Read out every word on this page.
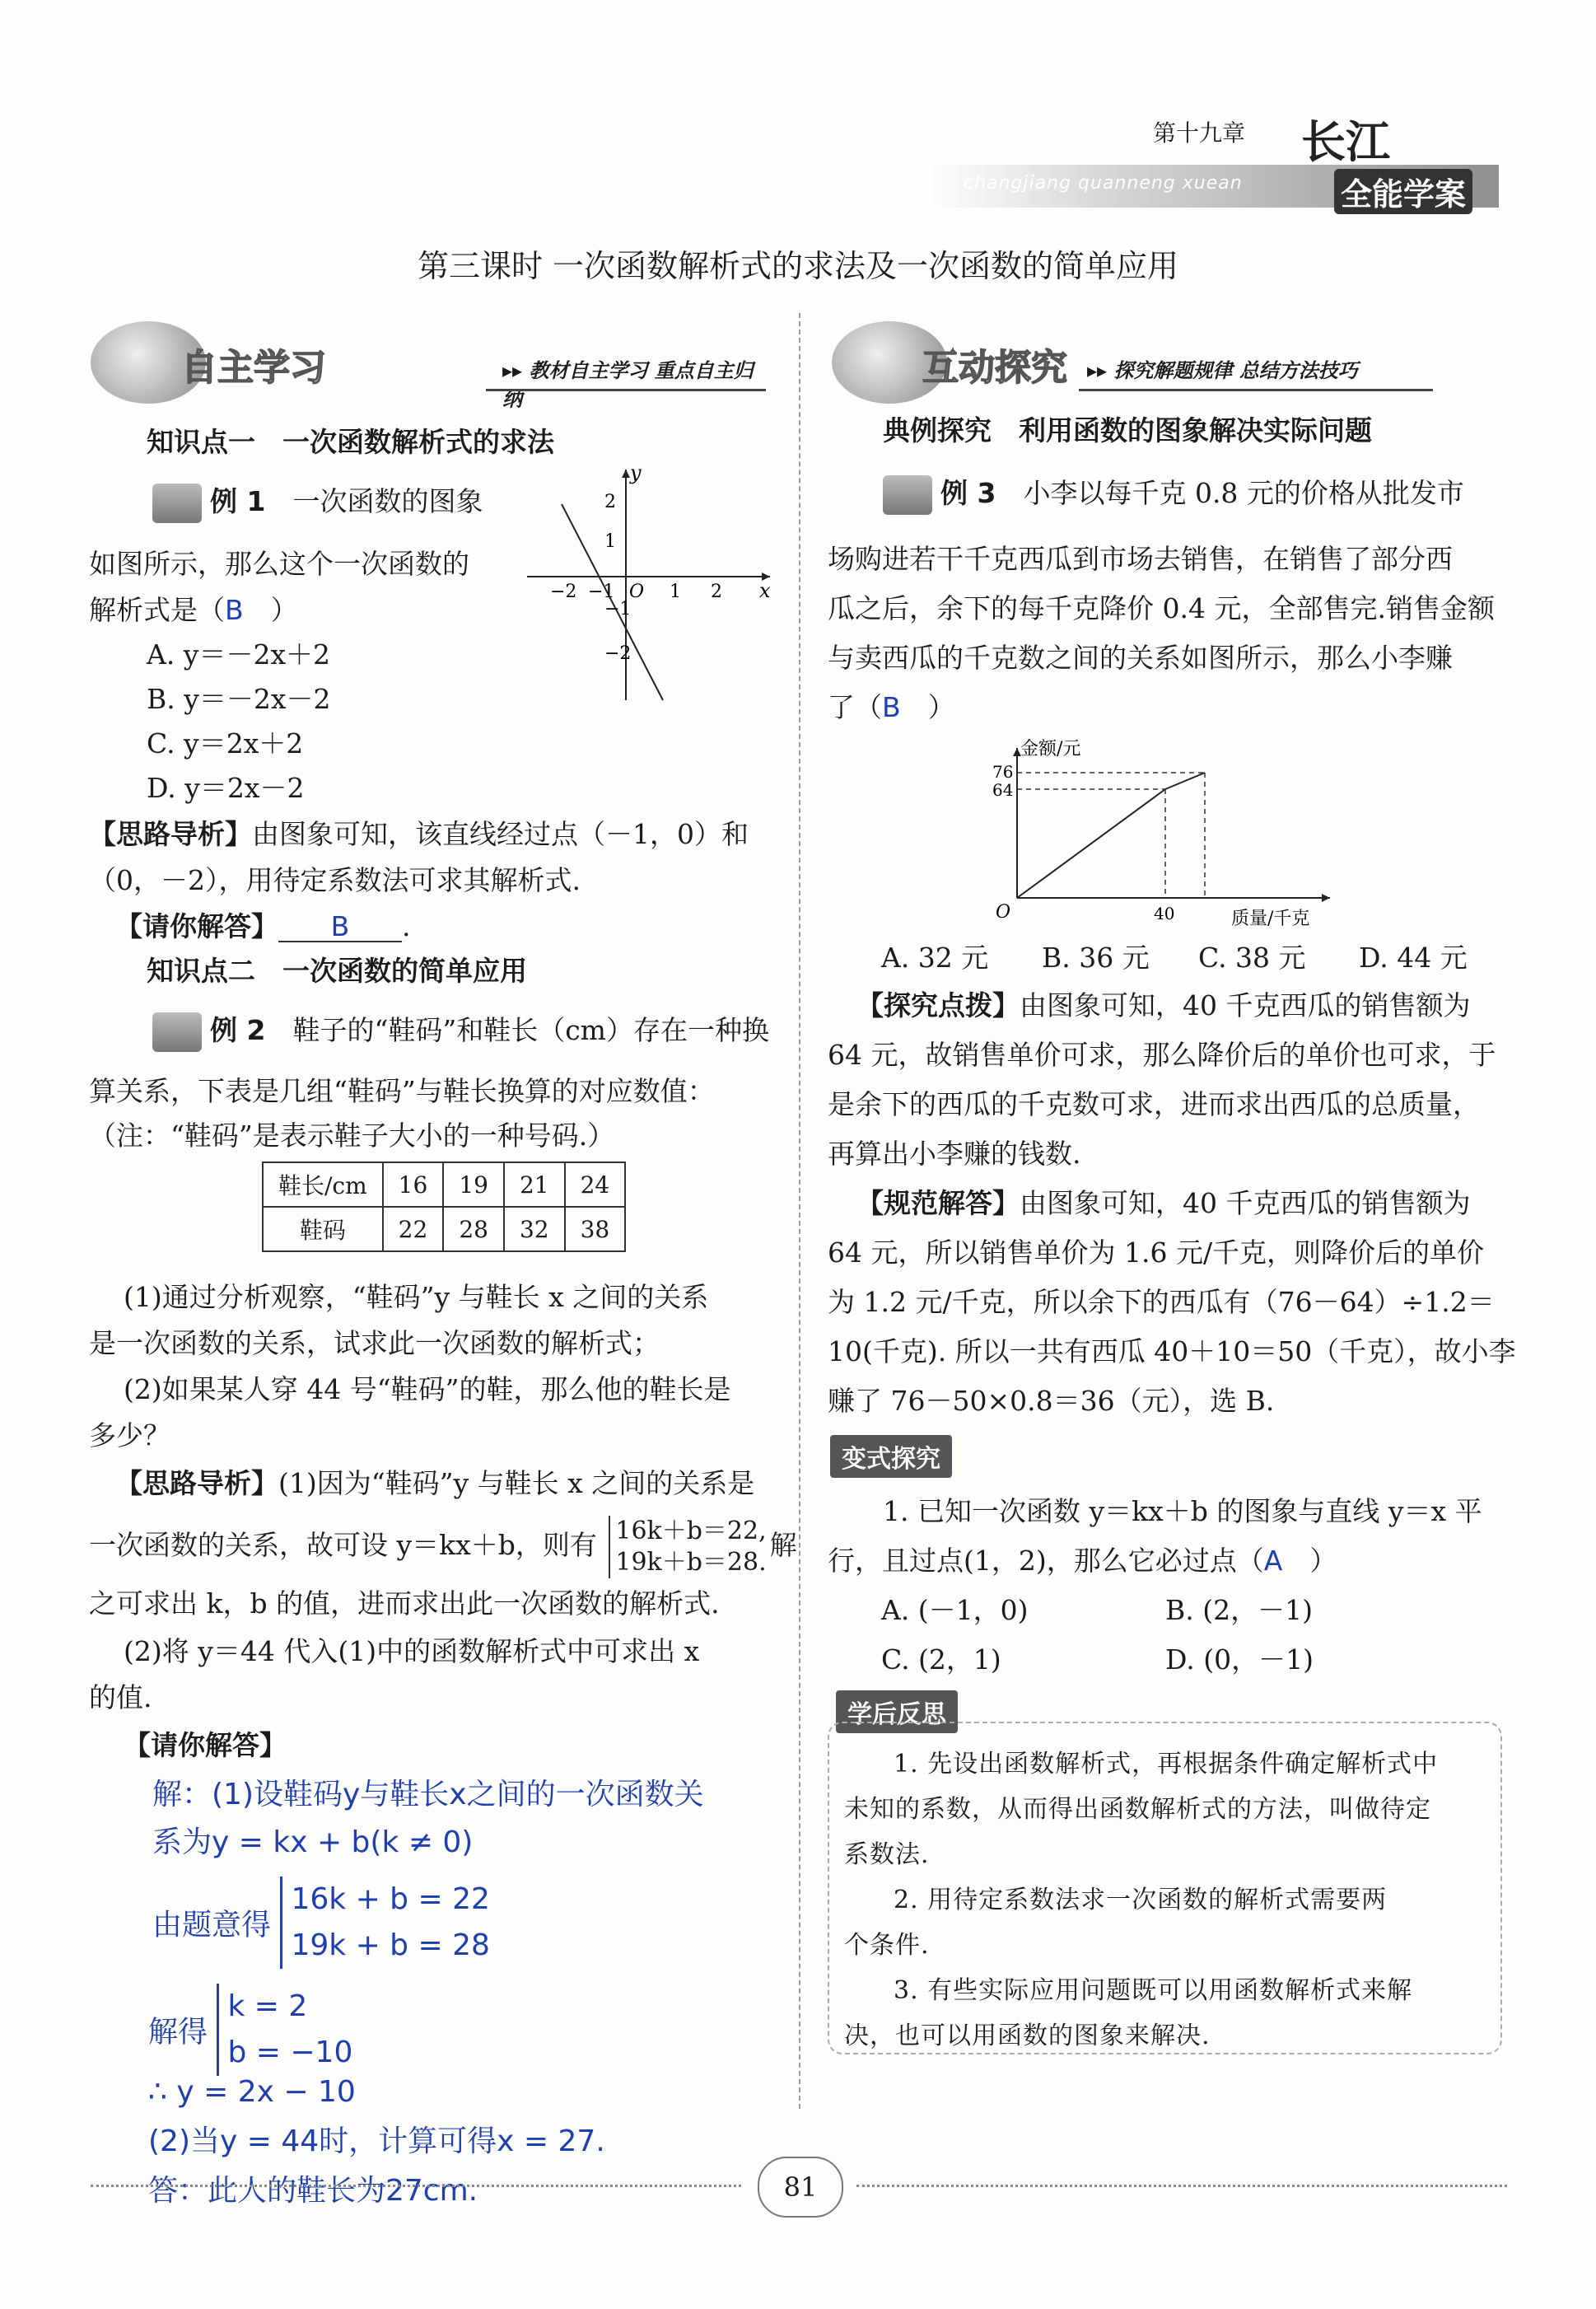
第十九章
changjiang quanneng xuean
长江
全能学案
第三课时 一次函数解析式的求法及一次函数的简单应用
自主学习	▸▸ 教材自主学习 重点自主归纳
知识点一　一次函数解析式的求法
例 1　 一次函数的图象
y
2
1
−1
−2
−2 −1 O 1 2 x
如图所示，那么这个一次函数的
解析式是（B　 ）
A. y＝－2x＋2
B. y＝－2x－2
C. y＝2x＋2
D. y＝2x－2
【思路导析】由图象可知，该直线经过点（－1，0）和
（0，－2），用待定系数法可求其解析式.
【请你解答】 B .
知识点二　一次函数的简单应用
例 2　 鞋子的“鞋码”和鞋长（cm）存在一种换
算关系，下表是几组“鞋码”与鞋长换算的对应数值：
（注：“鞋码”是表示鞋子大小的一种号码.）
鞋长/cm	16	19	21	24
鞋码	22	28	32	38
(1)通过分析观察，“鞋码”y 与鞋长 x 之间的关系
是一次函数的关系，试求此一次函数的解析式；
(2)如果某人穿 44 号“鞋码”的鞋，那么他的鞋长是
多少？
【思路导析】(1)因为“鞋码”y 与鞋长 x 之间的关系是
一次函数的关系，故可设 y＝kx＋b，则有 16k＋b＝22,
19k＋b＝28.解
之可求出 k，b 的值，进而求出此一次函数的解析式.
(2)将 y＝44 代入(1)中的函数解析式中可求出 x
的值.
【请你解答】
解：(1)设鞋码y与鞋长x之间的一次函数关
系为y = kx + b(k ≠ 0)
由题意得 16k + b = 22
19k + b = 28
解得 k = 2
b = −10
∴ y = 2x − 10
(2)当y = 44时，计算可得x = 27.
答：此人的鞋长为27cm.
互动探究 ▸▸ 探究解题规律 总结方法技巧
典例探究　利用函数的图象解决实际问题
例 3　 小李以每千克 0.8 元的价格从批发市
场购进若干千克西瓜到市场去销售，在销售了部分西
瓜之后，余下的每千克降价 0.4 元，全部售完.销售金额
与卖西瓜的千克数之间的关系如图所示，那么小李赚
了（B　 ）
金额/元
76
64
O	40	质量/千克
A. 32 元 B. 36 元 C. 38 元 D. 44 元
【探究点拨】由图象可知，40 千克西瓜的销售额为
64 元，故销售单价可求，那么降价后的单价也可求，于
是余下的西瓜的千克数可求，进而求出西瓜的总质量，
再算出小李赚的钱数.
【规范解答】由图象可知，40 千克西瓜的销售额为
64 元，所以销售单价为 1.6 元/千克，则降价后的单价
为 1.2 元/千克，所以余下的西瓜有（76－64）÷1.2＝
10(千克). 所以一共有西瓜 40＋10＝50（千克），故小李
赚了 76－50×0.8＝36（元），选 B.
变式探究
1. 已知一次函数 y＝kx＋b 的图象与直线 y＝x 平
行，且过点(1，2)，那么它必过点（A　 ）
A. (－1，0)	B. (2，－1)
C. (2，1)	D. (0，－1)
学后反思
1. 先设出函数解析式，再根据条件确定解析式中
未知的系数，从而得出函数解析式的方法，叫做待定
系数法.
2. 用待定系数法求一次函数的解析式需要两
个条件.
3. 有些实际应用问题既可以用函数解析式来解
决，也可以用函数的图象来解决.
81
